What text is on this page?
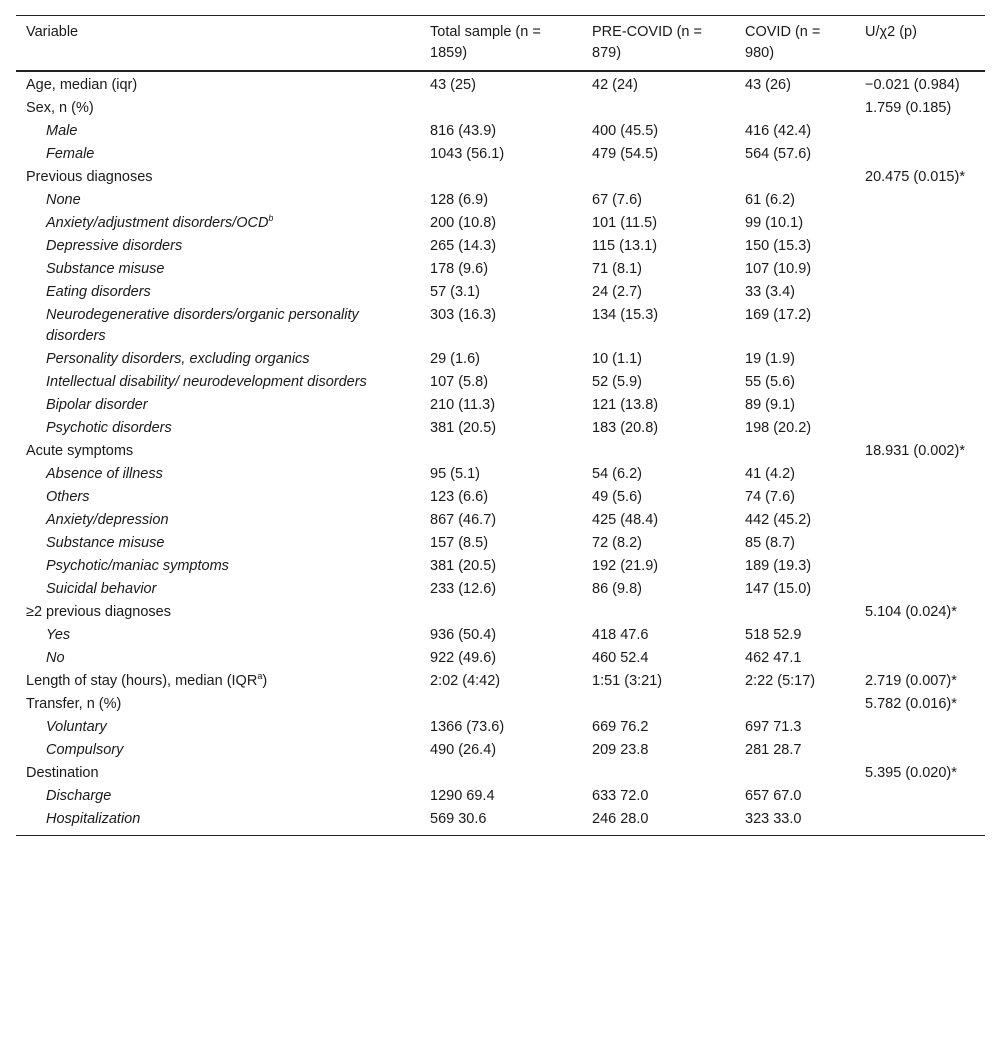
Variable	Total sample (n = 1859)	PRE-COVID (n = 879)	COVID (n = 980)	U/χ2 (p)
Age, median (iqr)	43 (25)	42 (24)	43 (26)	−0.021 (0.984)
Sex, n (%)				1.759 (0.185)
Male	816 (43.9)	400 (45.5)	416 (42.4)	
Female	1043 (56.1)	479 (54.5)	564 (57.6)	
Previous diagnoses				20.475 (0.015)*
None	128 (6.9)	67 (7.6)	61 (6.2)	
Anxiety/adjustment disorders/OCD$^b$	200 (10.8)	101 (11.5)	99 (10.1)	
Depressive disorders	265 (14.3)	115 (13.1)	150 (15.3)	
Substance misuse	178 (9.6)	71 (8.1)	107 (10.9)	
Eating disorders	57 (3.1)	24 (2.7)	33 (3.4)	
Neurodegenerative disorders/organic personality disorders	303 (16.3)	134 (15.3)	169 (17.2)	
Personality disorders, excluding organics	29 (1.6)	10 (1.1)	19 (1.9)	
Intellectual disability/ neurodevelopment disorders	107 (5.8)	52 (5.9)	55 (5.6)	
Bipolar disorder	210 (11.3)	121 (13.8)	89 (9.1)	
Psychotic disorders	381 (20.5)	183 (20.8)	198 (20.2)	
Acute symptoms				18.931 (0.002)*
Absence of illness	95 (5.1)	54 (6.2)	41 (4.2)	
Others	123 (6.6)	49 (5.6)	74 (7.6)	
Anxiety/depression	867 (46.7)	425 (48.4)	442 (45.2)	
Substance misuse	157 (8.5)	72 (8.2)	85 (8.7)	
Psychotic/maniac symptoms	381 (20.5)	192 (21.9)	189 (19.3)	
Suicidal behavior	233 (12.6)	86 (9.8)	147 (15.0)	
≥2 previous diagnoses				5.104 (0.024)*
Yes	936 (50.4)	418 47.6	518 52.9	
No	922 (49.6)	460 52.4	462 47.1	
Length of stay (hours), median (IQR$^a$)	2:02 (4:42)	1:51 (3:21)	2:22 (5:17)	2.719 (0.007)*
Transfer, n (%)				5.782 (0.016)*
Voluntary	1366 (73.6)	669 76.2	697 71.3	
Compulsory	490 (26.4)	209 23.8	281 28.7	
Destination				5.395 (0.020)*
Discharge	1290 69.4	633 72.0	657 67.0	
Hospitalization	569 30.6	246 28.0	323 33.0	
